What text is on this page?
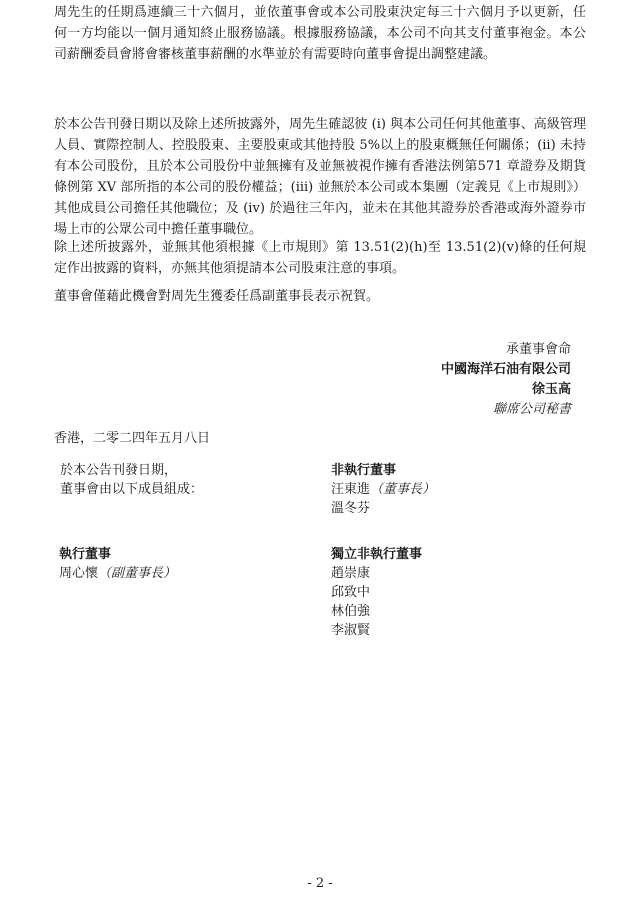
周先生的任期爲連續三十六個月，並依董事會或本公司股東決定每三十六個月予以更新，任何一方均能以一個月通知終止服務協議。根據服務協議，本公司不向其支付董事袍金。本公司薪酬委員會將會審核董事薪酬的水準並於有需要時向董事會提出調整建議。

於本公告刊發日期以及除上述所披露外，周先生確認彼 (i) 與本公司任何其他董事、高級管理人員、實際控制人、控股股東、主要股東或其他持股 5%以上的股東概無任何關係；(ii) 未持有本公司股份，且於本公司股份中並無擁有及並無被視作擁有香港法例第571 章證券及期貨條例第 XV 部所指的本公司的股份權益；(iii) 並無於本公司或本集團（定義見《上市規則》）其他成員公司擔任其他職位；及 (iv) 於過往三年內，並未在其他其證券於香港或海外證券市場上市的公眾公司中擔任董事職位。

除上述所披露外，並無其他須根據《上市規則》第 13.51(2)(h)至 13.51(2)(v)條的任何規定作出披露的資料，亦無其他須提請本公司股東注意的事項。

董事會僅藉此機會對周先生獲委任爲副董事長表示祝賀。

承董事會命
中國海洋石油有限公司
徐玉高
聯席公司秘書
香港，二零二四年五月八日
於本公告刊發日期，
董事會由以下成員組成：
非執行董事
汪東進（董事長）
溫冬芬
執行董事
周心懷（副董事長）
獨立非執行董事
趙崇康
邱致中
林伯強
李淑賢
- 2 -
